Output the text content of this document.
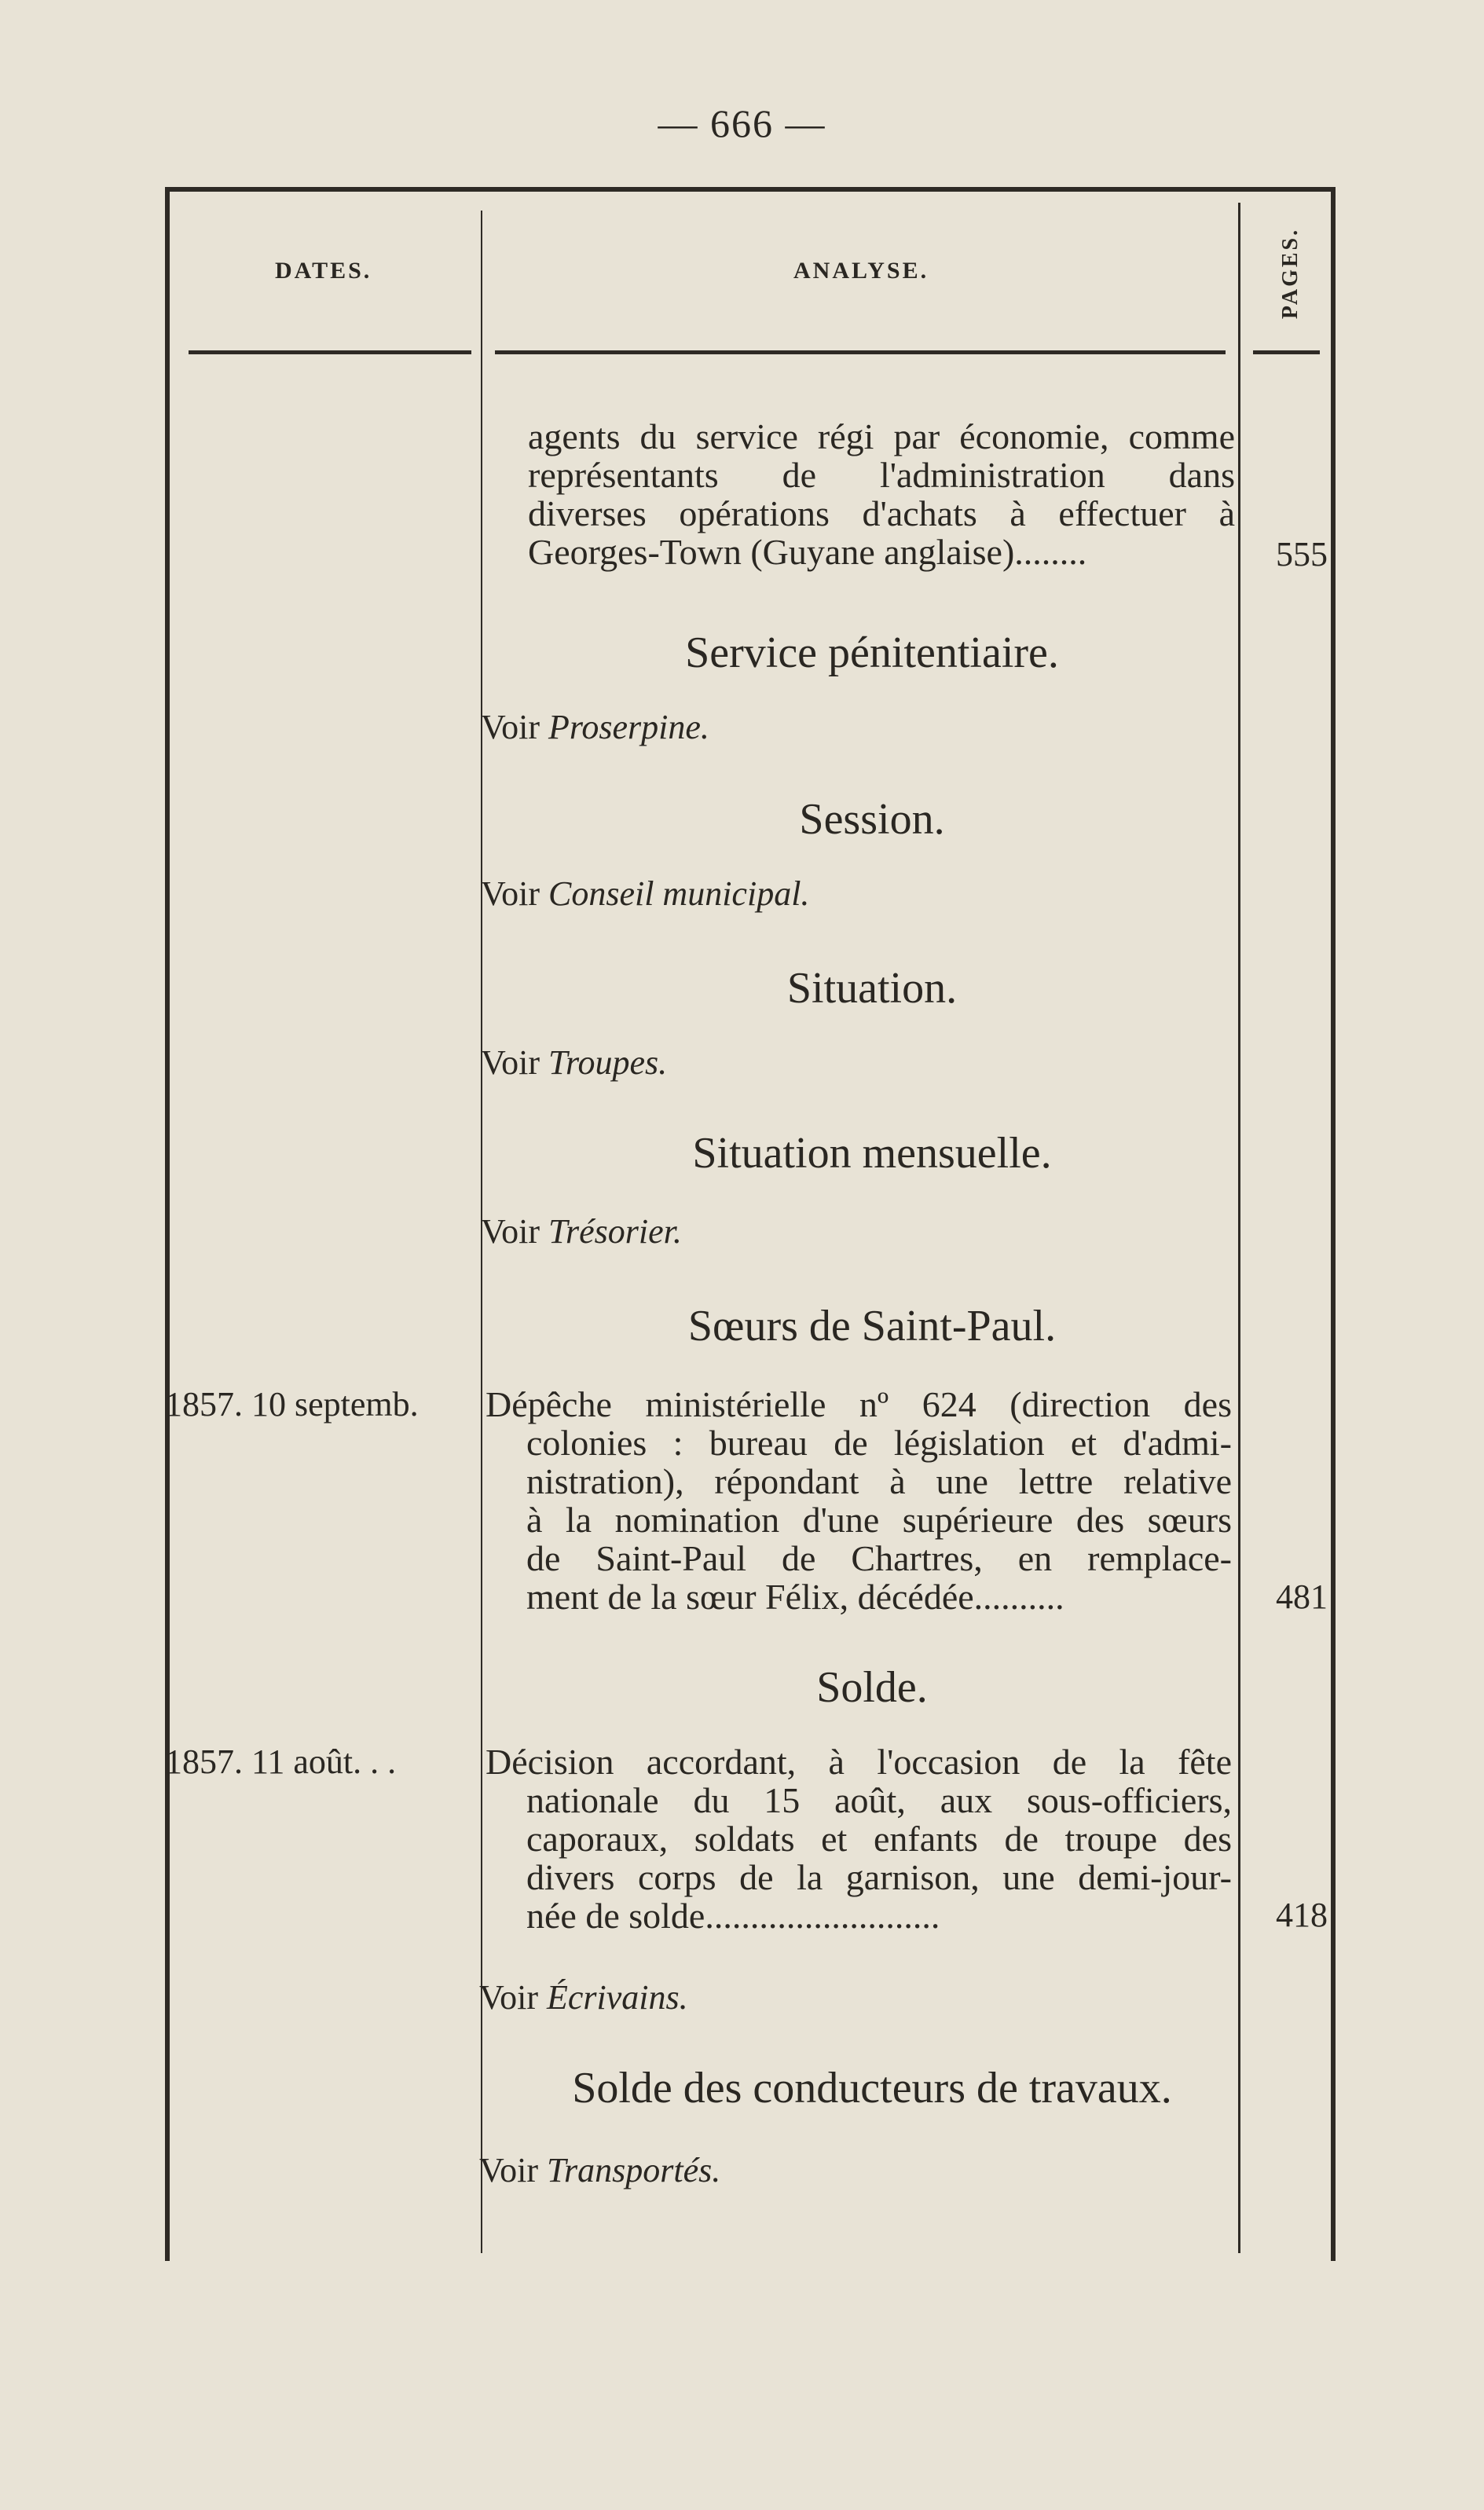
— 666 —
DATES.	ANALYSE.	PAGES.
agents du service régi par économie, comme
représentants de l'administration dans
diverses opérations d'achats à effectuer à
Georges-Town (Guyane anglaise)........	555
Service pénitentiaire.
Voir Proserpine.
Session.
Voir Conseil municipal.
Situation.
Voir Troupes.
Situation mensuelle.
Voir Trésorier.
Sœurs de Saint-Paul.
1857. 10 septemb. Dépêche ministérielle nº 624 (direction des
colonies : bureau de législation et d'admi-
nistration), répondant à une lettre relative
à la nomination d'une supérieure des sœurs
de Saint-Paul de Chartres, en remplace-
ment de la sœur Félix, décédée..........	481
Solde.
1857. 11 août. . . Décision accordant, à l'occasion de la fête
nationale du 15 août, aux sous-officiers,
caporaux, soldats et enfants de troupe des
divers corps de la garnison, une demi-jour-
née de solde..........................	418
Voir Écrivains.
Solde des conducteurs de travaux.
Voir Transportés.
